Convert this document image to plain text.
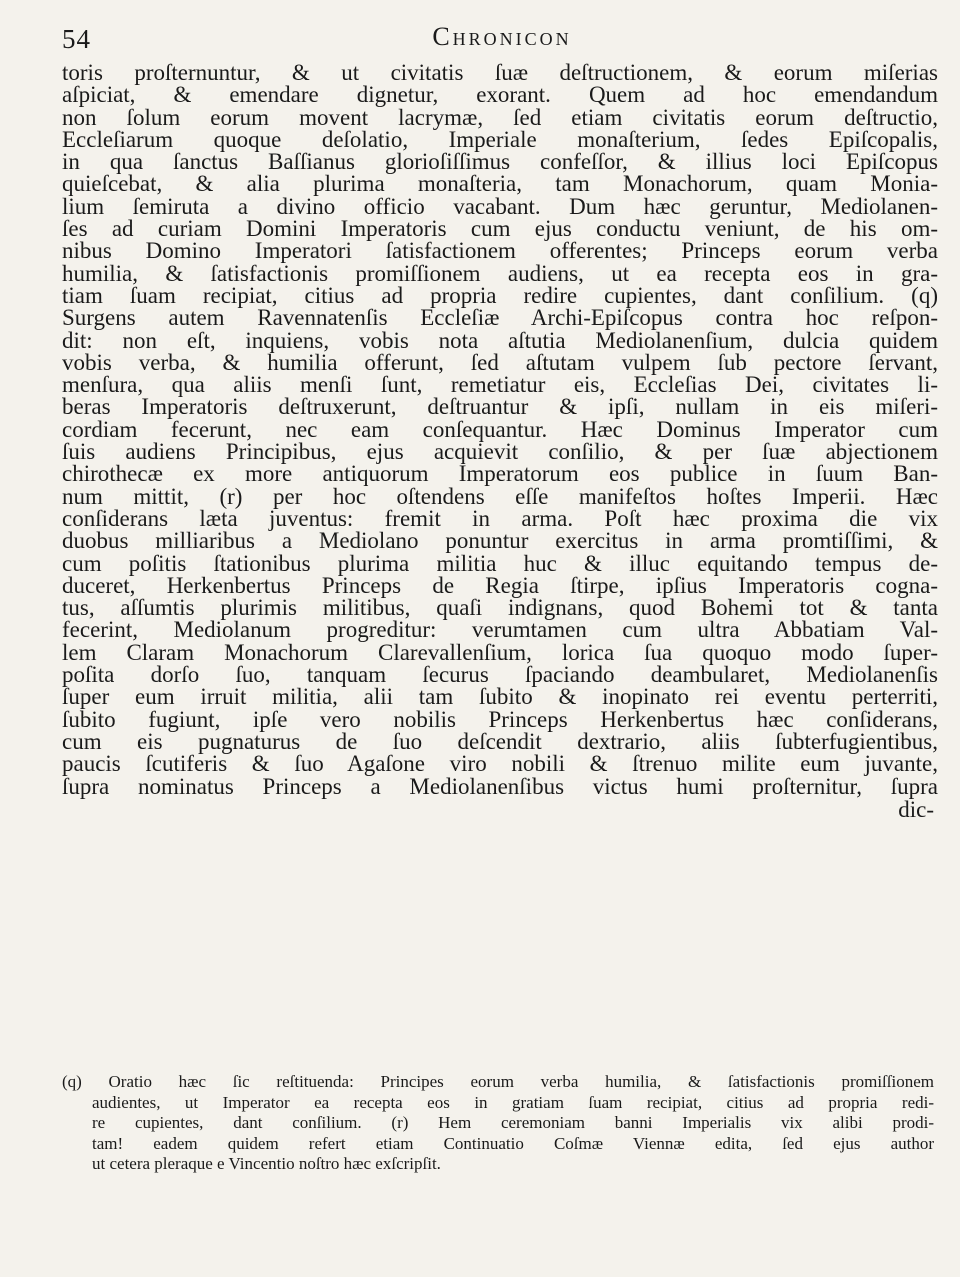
54	Chronicon
toris proſternuntur, & ut civitatis ſuæ deſtructionem, & eorum miſerias
aſpiciat, & emendare dignetur, exorant. Quem ad hoc emendandum
non ſolum eorum movent lacrymæ, ſed etiam civitatis eorum deſtructio,
Eccleſiarum quoque deſolatio, Imperiale monaſterium, ſedes Epiſcopalis,
in qua ſanctus Baſſianus glorioſiſſimus confeſſor, & illius loci Epiſcopus
quieſcebat, & alia plurima monaſteria, tam Monachorum, quam Monia-
lium ſemiruta a divino officio vacabant. Dum hæc geruntur, Mediolanen-
ſes ad curiam Domini Imperatoris cum ejus conductu veniunt, de his om-
nibus Domino Imperatori ſatisfactionem offerentes; Princeps eorum verba
humilia, & ſatisfactionis promiſſionem audiens, ut ea recepta eos in gra-
tiam ſuam recipiat, citius ad propria redire cupientes, dant conſilium. (q)
Surgens autem Ravennatenſis Eccleſiæ Archi-Epiſcopus contra hoc reſpon-
dit: non eſt, inquiens, vobis nota aſtutia Mediolanenſium, dulcia quidem
vobis verba, & humilia offerunt, ſed aſtutam vulpem ſub pectore ſervant,
menſura, qua aliis menſi ſunt, remetiatur eis, Eccleſias Dei, civitates li-
beras Imperatoris deſtruxerunt, deſtruantur & ipſi, nullam in eis miſeri-
cordiam fecerunt, nec eam conſequantur. Hæc Dominus Imperator cum
ſuis audiens Principibus, ejus acquievit conſilio, & per ſuæ abjectionem
chirothecæ ex more antiquorum Imperatorum eos publice in ſuum Ban-
num mittit, (r) per hoc oſtendens eſſe manifeſtos hoſtes Imperii. Hæc
conſiderans læta juventus: fremit in arma. Poſt hæc proxima die vix
duobus milliaribus a Mediolano ponuntur exercitus in arma promtiſſimi, &
cum poſitis ſtationibus plurima militia huc & illuc equitando tempus de-
duceret, Herkenbertus Princeps de Regia ſtirpe, ipſius Imperatoris cogna-
tus, aſſumtis plurimis militibus, quaſi indignans, quod Bohemi tot & tanta
fecerint, Mediolanum progreditur: verumtamen cum ultra Abbatiam Val-
lem Claram Monachorum Clarevallenſium, lorica ſua quoquo modo ſuper-
poſita dorſo ſuo, tanquam ſecurus ſpaciando deambularet, Mediolanenſis
ſuper eum irruit militia, alii tam ſubito & inopinato rei eventu perterriti,
ſubito fugiunt, ipſe vero nobilis Princeps Herkenbertus hæc conſiderans,
cum eis pugnaturus de ſuo deſcendit dextrario, aliis ſubterfugientibus,
paucis ſcutiferis & ſuo Agaſone viro nobili & ſtrenuo milite eum juvante,
ſupra nominatus Princeps a Mediolanenſibus victus humi proſternitur, ſupra
dic-
(q) Oratio hæc ſic reſtituenda: Principes eorum verba humilia, & ſatisfactionis promiſſionem
audientes, ut Imperator ea recepta eos in gratiam ſuam recipiat, citius ad propria redi-
re cupientes, dant conſilium. (r) Hem ceremoniam banni Imperialis vix alibi prodi-
tam! eadem quidem refert etiam Continuatio Coſmæ Viennæ edita, ſed ejus author
ut cetera pleraque e Vincentio noſtro hæc exſcripſit.
